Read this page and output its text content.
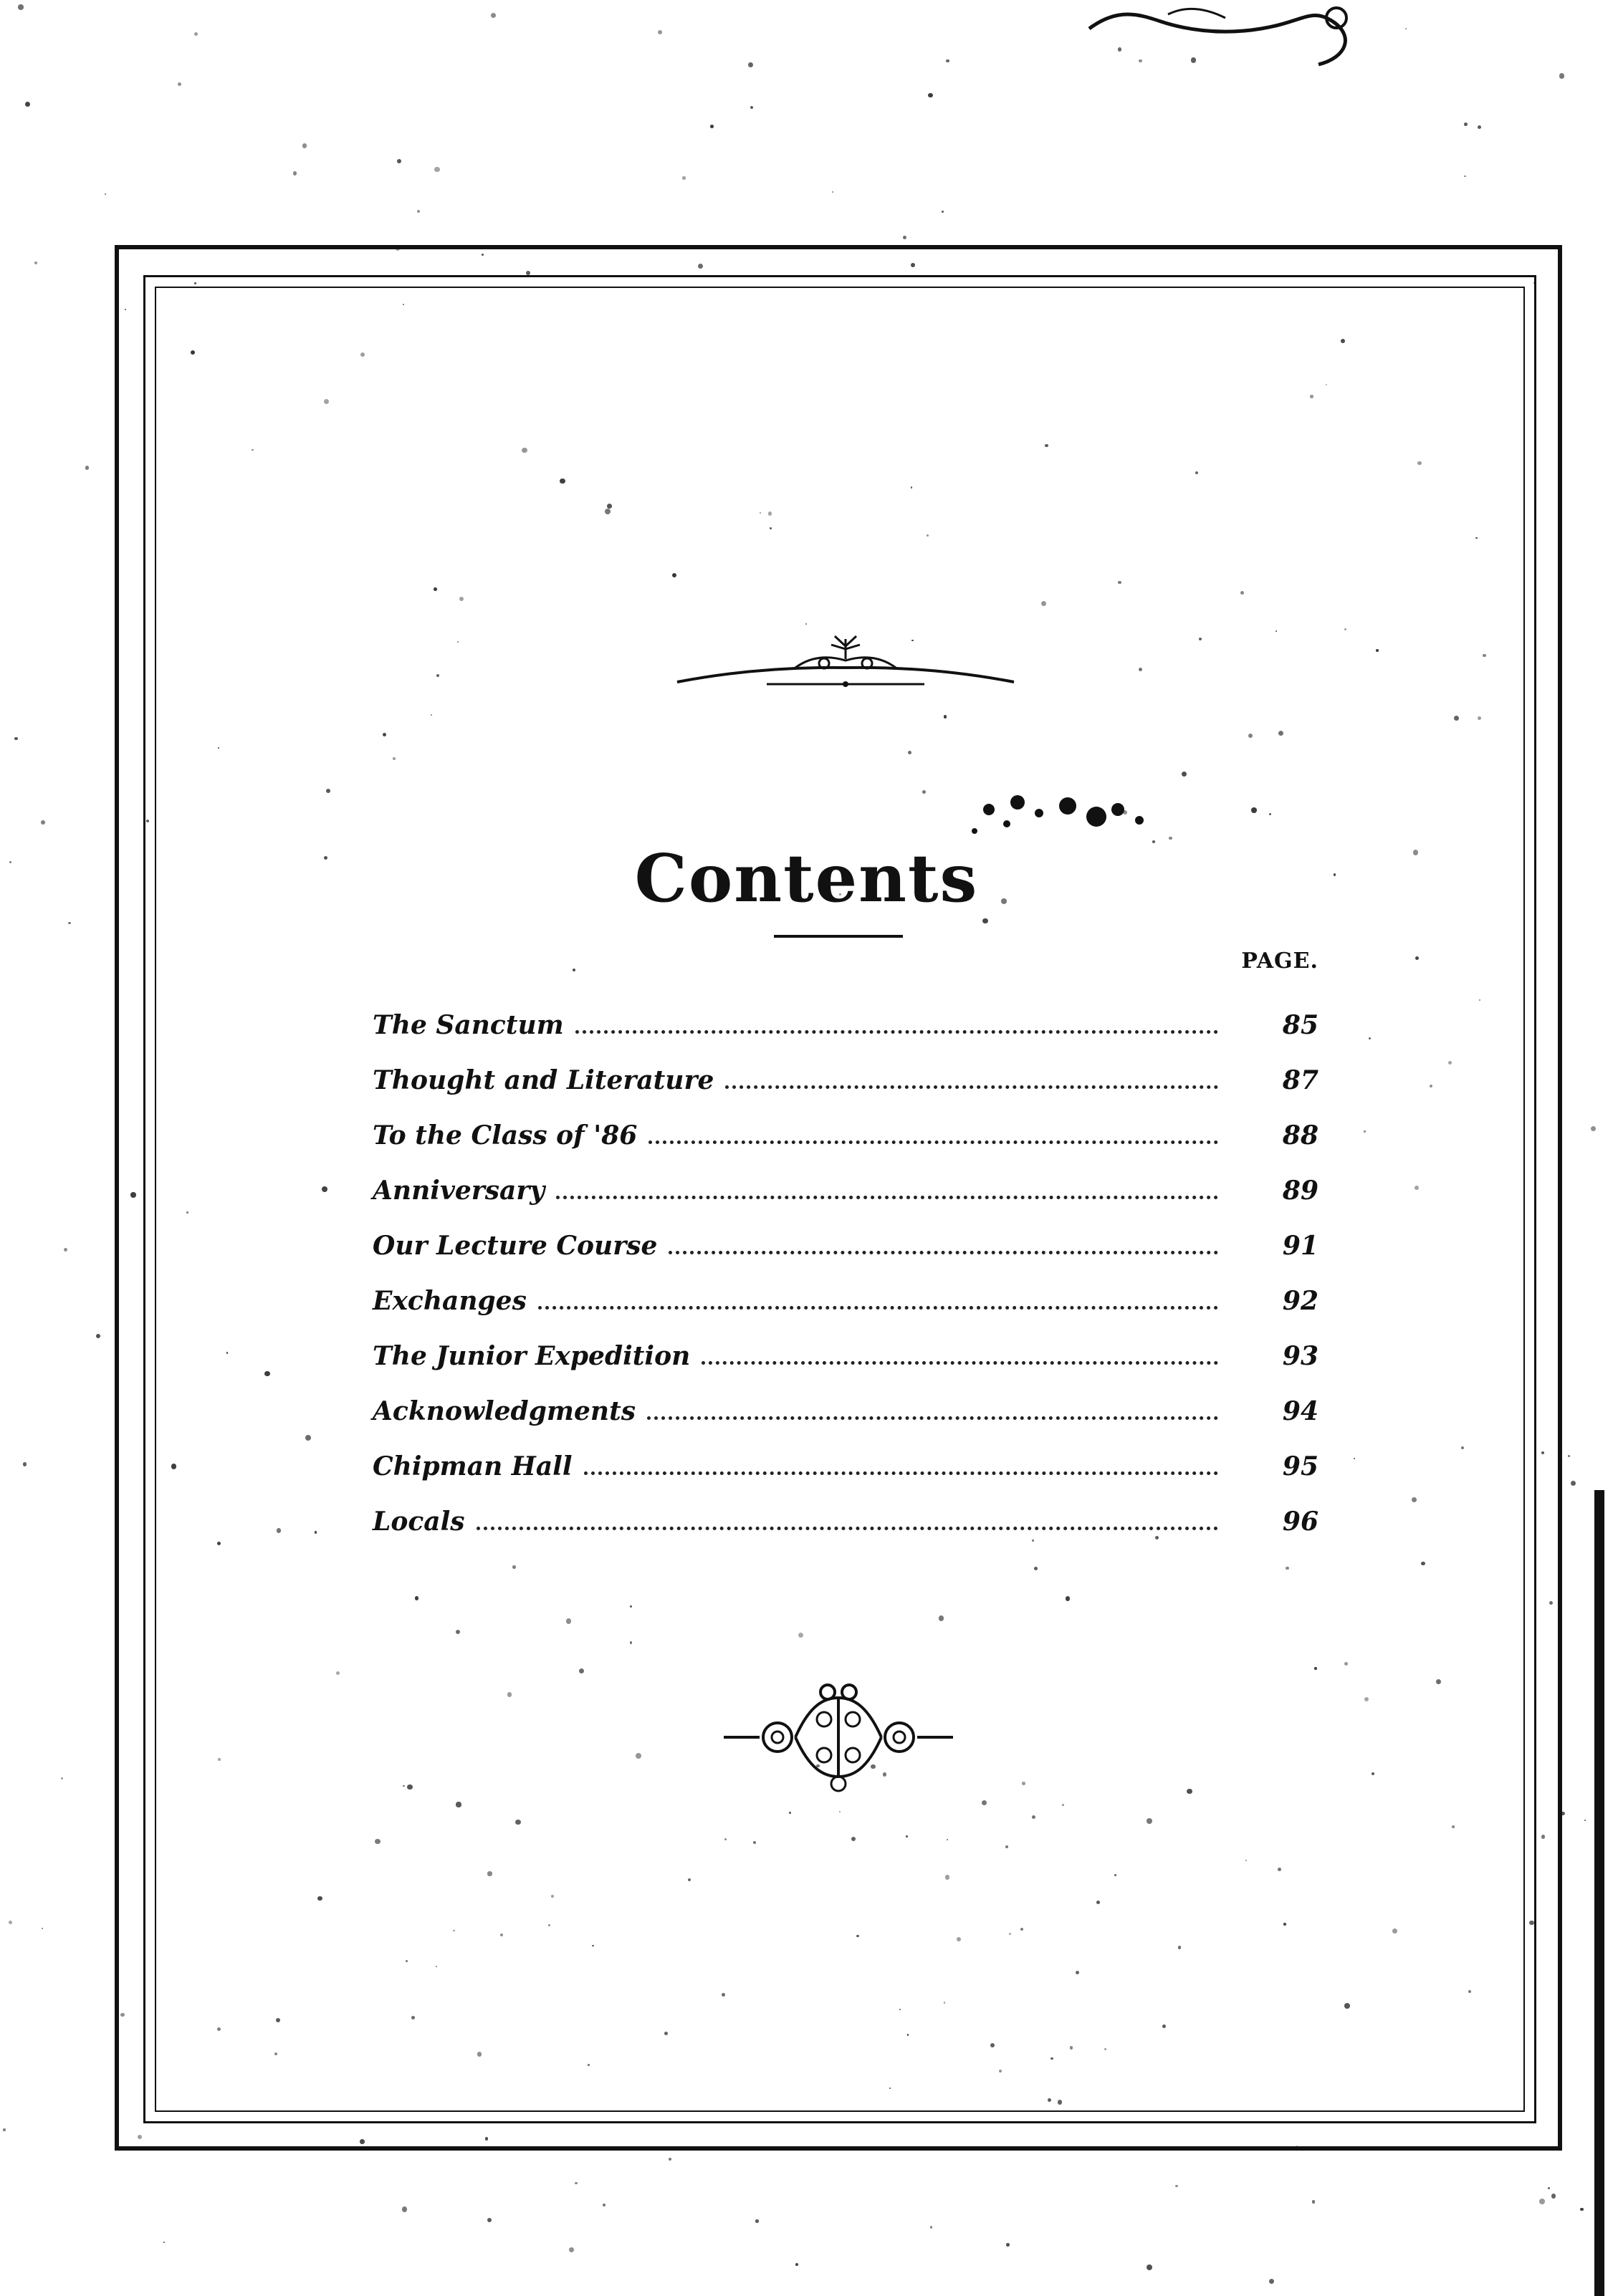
Contents
PAGE.
The Sanctum	85
Thought and Literature	87
To the Class of '86	88
Anniversary	89
Our Lecture Course	91
Exchanges	92
The Junior Expedition	93
Acknowledgments	94
Chipman Hall	95
Locals	96
